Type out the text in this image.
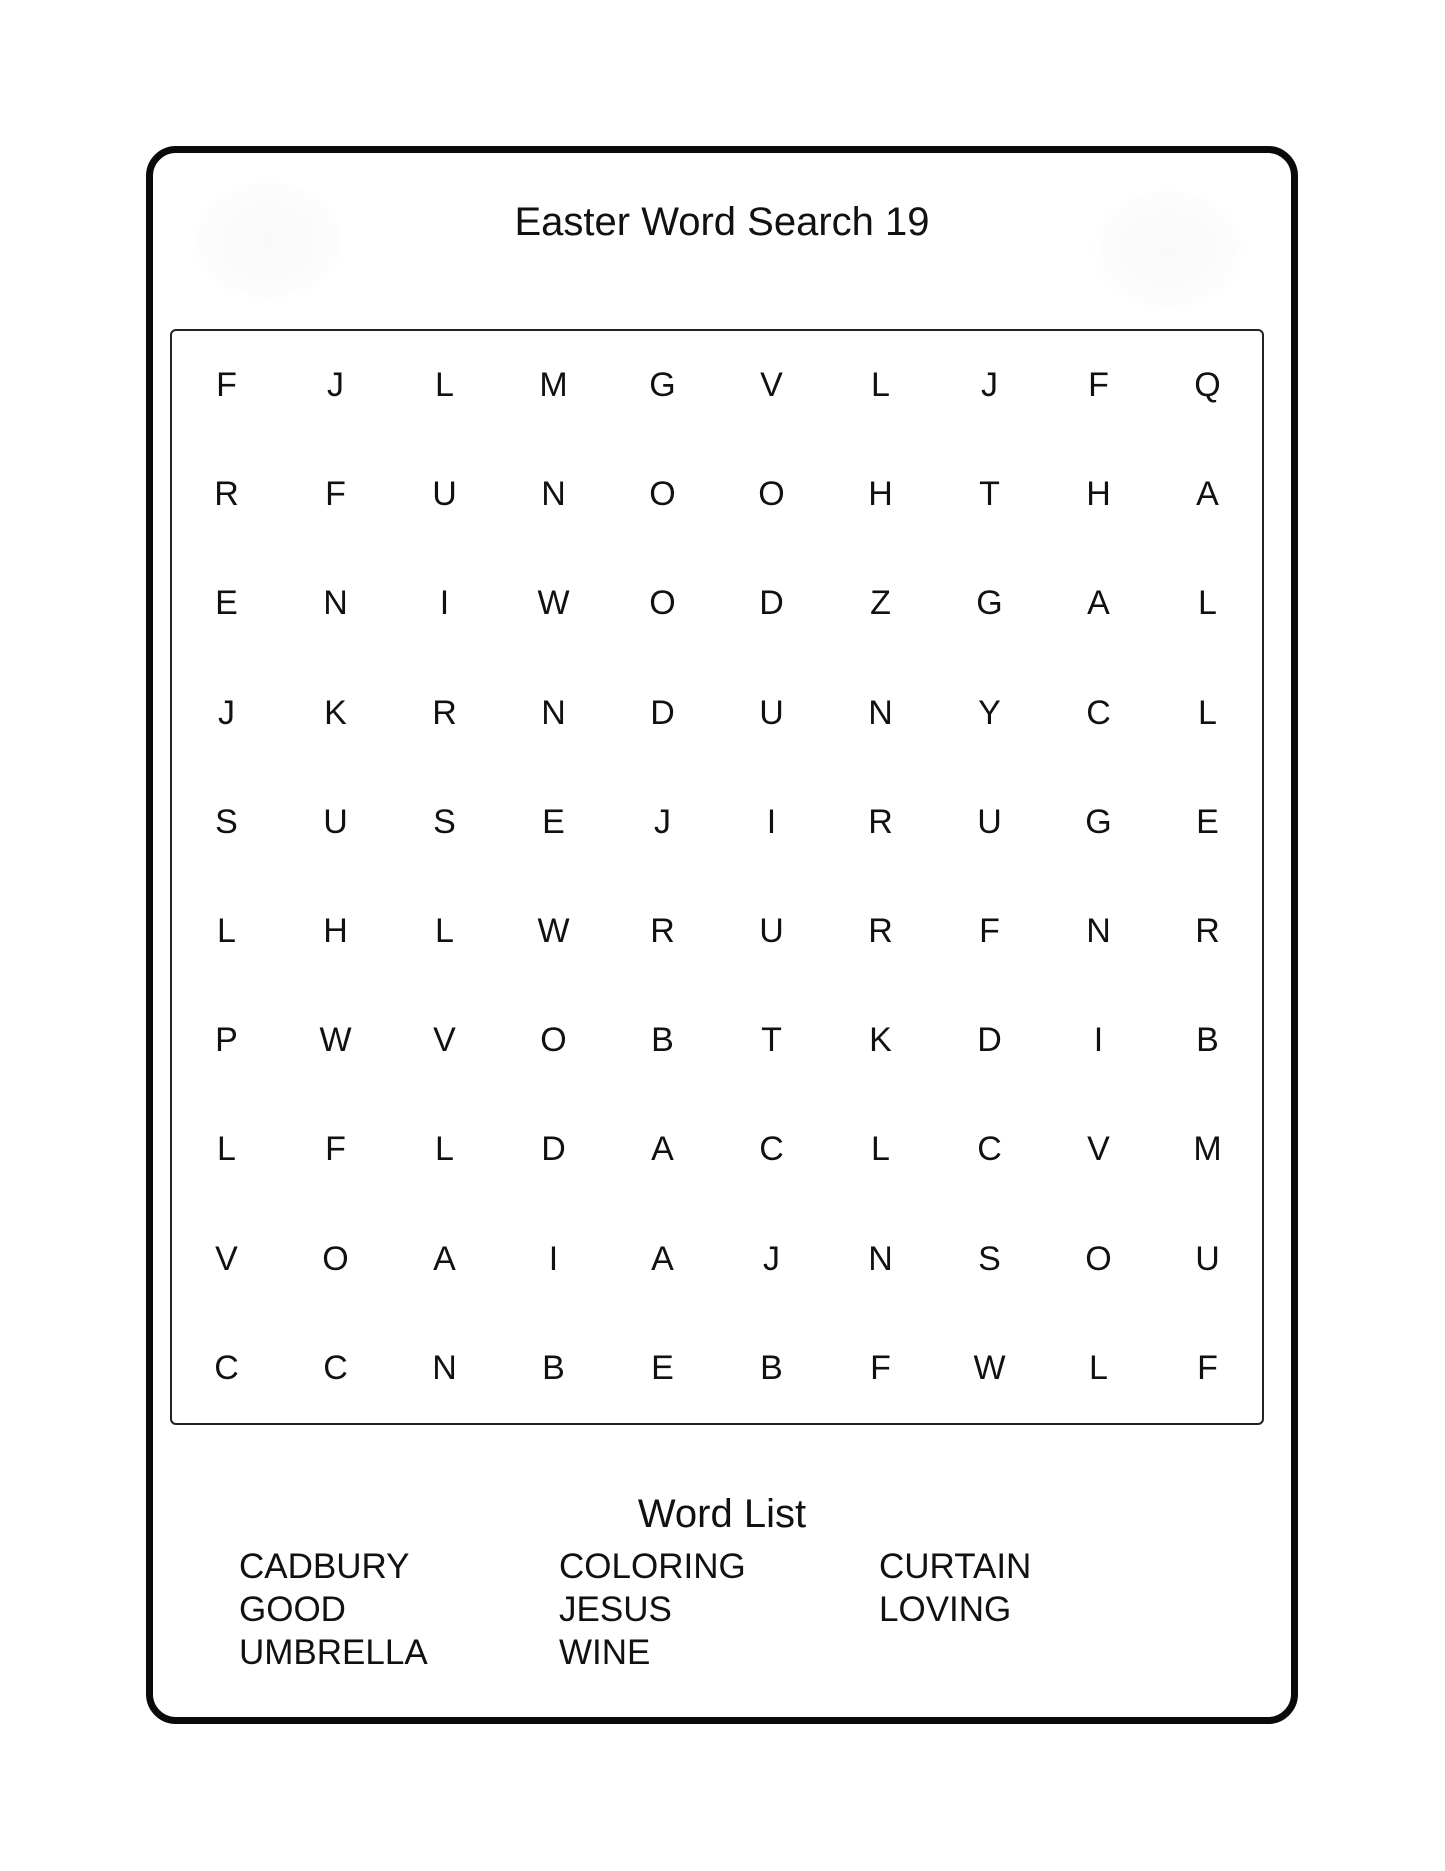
Easter Word Search 19
F	J	L	M	G	V	L	J	F	Q
R	F	U	N	O	O	H	T	H	A
E	N	I	W	O	D	Z	G	A	L
J	K	R	N	D	U	N	Y	C	L
S	U	S	E	J	I	R	U	G	E
L	H	L	W	R	U	R	F	N	R
P	W	V	O	B	T	K	D	I	B
L	F	L	D	A	C	L	C	V	M
V	O	A	I	A	J	N	S	O	U
C	C	N	B	E	B	F	W	L	F
Word List
CADBURY	COLORING	CURTAIN
GOOD	JESUS	LOVING
UMBRELLA	WINE
